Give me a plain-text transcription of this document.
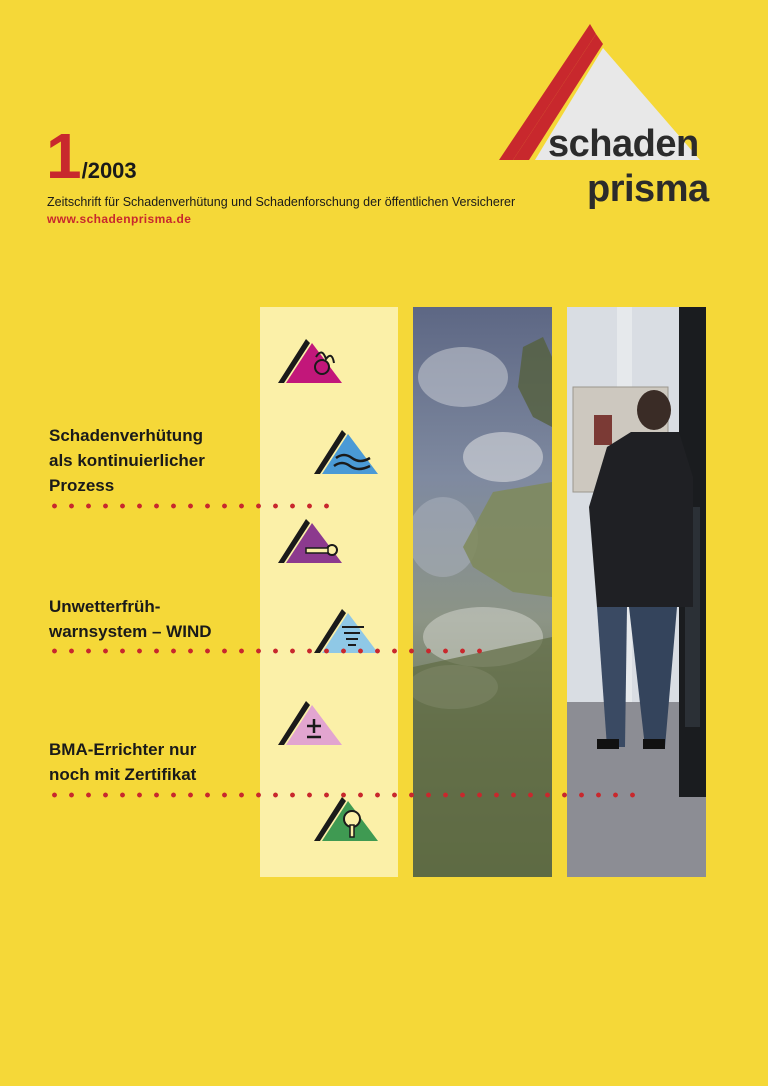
1/2003
Zeitschrift für Schadenverhütung und Schadenforschung der öffentlichen Versicherer
www.schadenprisma.de
schaden
prisma
Schadenverhütung
als kontinuierlicher
Prozess
Unwetterfrüh-
warnsystem – WIND
BMA-Errichter nur
noch mit Zertifikat
